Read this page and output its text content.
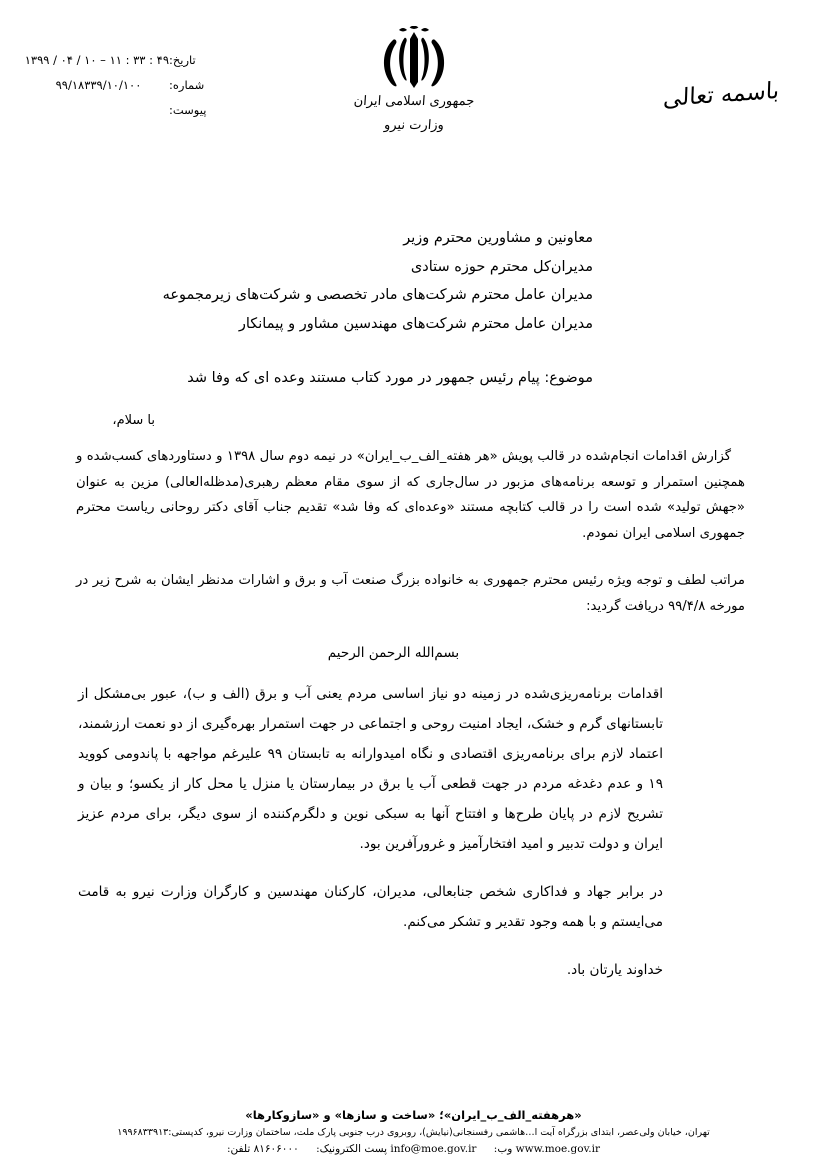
تاریخ:
۱۳۹۹ / ۰۴ / ۱۰ – ۱۱ : ۳۳ : ۴۹
شماره:
۹۹/۱۸۳۳۹/۱۰/۱۰۰
پیوست:
جمهوری اسلامی ایران
وزارت نیرو
باسمه تعالی
معاونین و مشاورین محترم وزیر
مدیران‌کل محترم حوزه ستادی
مدیران عامل محترم شرکت‌های مادر تخصصی و شرکت‌های زیرمجموعه
مدیران عامل محترم شرکت‌های مهندسین مشاور و پیمانکار
موضوع: پیام رئیس جمهور در مورد کتاب مستند وعده ای که وفا شد
با سلام،
گزارش اقدامات انجام‌شده در قالب پویش «هر هفته_الف_ب_ایران» در نیمه دوم سال ۱۳۹۸ و دستاوردهای کسب‌شده و همچنین استمرار و توسعه برنامه‌های مزبور در سال‌جاری که از سوی مقام معظم رهبری(مدظله‌العالی) مزین به عنوان «جهش تولید» شده است را در قالب کتابچه مستند «وعده‌ای که وفا شد» تقدیم جناب آقای دکتر روحانی ریاست محترم جمهوری اسلامی ایران نمودم.
مراتب لطف و توجه ویژه رئیس محترم جمهوری به خانواده بزرگ صنعت آب و برق و اشارات مدنظر ایشان به شرح زیر در مورخه ۹۹/۴/۸ دریافت گردید:
بسم‌الله الرحمن الرحیم

اقدامات برنامه‌ریزی‌شده در زمینه دو نیاز اساسی مردم یعنی آب و برق (الف و ب)، عبور بی‌مشکل از تابستانهای گرم و خشک، ایجاد امنیت روحی و اجتماعی در جهت استمرار بهره‌گیری از دو نعمت ارزشمند، اعتماد لازم برای برنامه‌ریزی اقتصادی و نگاه امیدوارانه به تابستان ۹۹ علیرغم مواجهه با پاندومی کووید ۱۹ و عدم دغدغه مردم در جهت قطعی آب یا برق در بیمارستان یا منزل یا محل کار از یکسو؛ و بیان و تشریح لازم در پایان طرح‌ها و افتتاح آنها به سبکی نوین و دلگرم‌کننده از سوی دیگر، برای مردم عزیز ایران و دولت تدبیر و امید افتخارآمیز و غرورآفرین بود.

در برابر جهاد و فداکاری شخص جنابعالی، مدیران، کارکنان مهندسین و کارگران وزارت نیرو به قامت می‌ایستم و با همه وجود تقدیر و تشکر می‌کنم.

خداوند یارتان باد.

«هرهفته_الف_ب_ایران»؛ «ساخت و سازها» و «سازوکارها»
تهران، خیابان ولی‌عصر، ابتدای بزرگراه آیت ا…هاشمی رفسنجانی(نیایش)، روبروی درب جنوبی پارک ملت، ساختمان وزارت نیرو، کدپستی:۱۹۹۶۸۳۳۹۱۳
www.moe.gov.ir وب: info@moe.gov.ir پست الکترونیک: ۸۱۶۰۶۰۰۰ تلفن:
